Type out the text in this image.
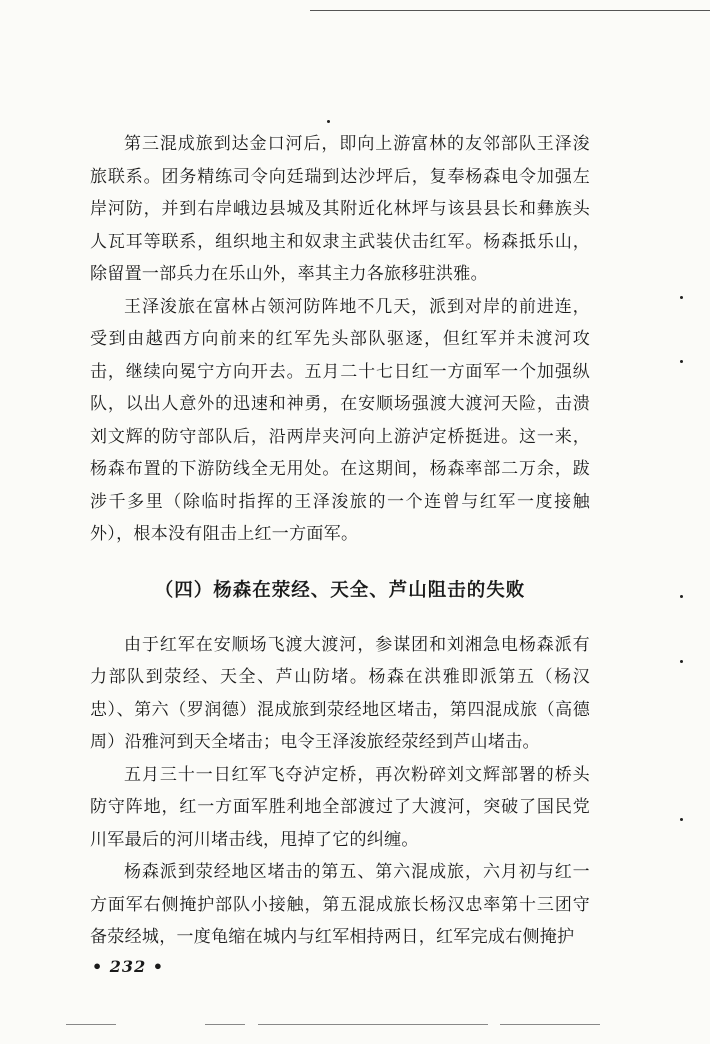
第三混成旅到达金口河后，即向上游富林的友邻部队王泽浚旅联系。团务精练司令向廷瑞到达沙坪后，复奉杨森电令加强左岸河防，并到右岸峨边县城及其附近化林坪与该县县长和彝族头人瓦耳等联系，组织地主和奴隶主武装伏击红军。杨森抵乐山，除留置一部兵力在乐山外，率其主力各旅移驻洪雅。

王泽浚旅在富林占领河防阵地不几天，派到对岸的前进连，受到由越西方向前来的红军先头部队驱逐，但红军并未渡河攻击，继续向冕宁方向开去。五月二十七日红一方面军一个加强纵队，以出人意外的迅速和神勇，在安顺场强渡大渡河天险，击溃刘文辉的防守部队后，沿两岸夹河向上游泸定桥挺进。这一来，杨森布置的下游防线全无用处。在这期间，杨森率部二万余，跋涉千多里（除临时指挥的王泽浚旅的一个连曾与红军一度接触外），根本没有阻击上红一方面军。

（四）杨森在荥经、天全、芦山阻击的失败

由于红军在安顺场飞渡大渡河，参谋团和刘湘急电杨森派有力部队到荥经、天全、芦山防堵。杨森在洪雅即派第五（杨汉忠）、第六（罗润德）混成旅到荥经地区堵击，第四混成旅（高德周）沿雅河到天全堵击；电令王泽浚旅经荥经到芦山堵击。

五月三十一日红军飞夺泸定桥，再次粉碎刘文辉部署的桥头防守阵地，红一方面军胜利地全部渡过了大渡河，突破了国民党川军最后的河川堵击线，甩掉了它的纠缠。

杨森派到荥经地区堵击的第五、第六混成旅，六月初与红一方面军右侧掩护部队小接触，第五混成旅长杨汉忠率第十三团守备荥经城，一度龟缩在城内与红军相持两日，红军完成右侧掩护

• 232 •
